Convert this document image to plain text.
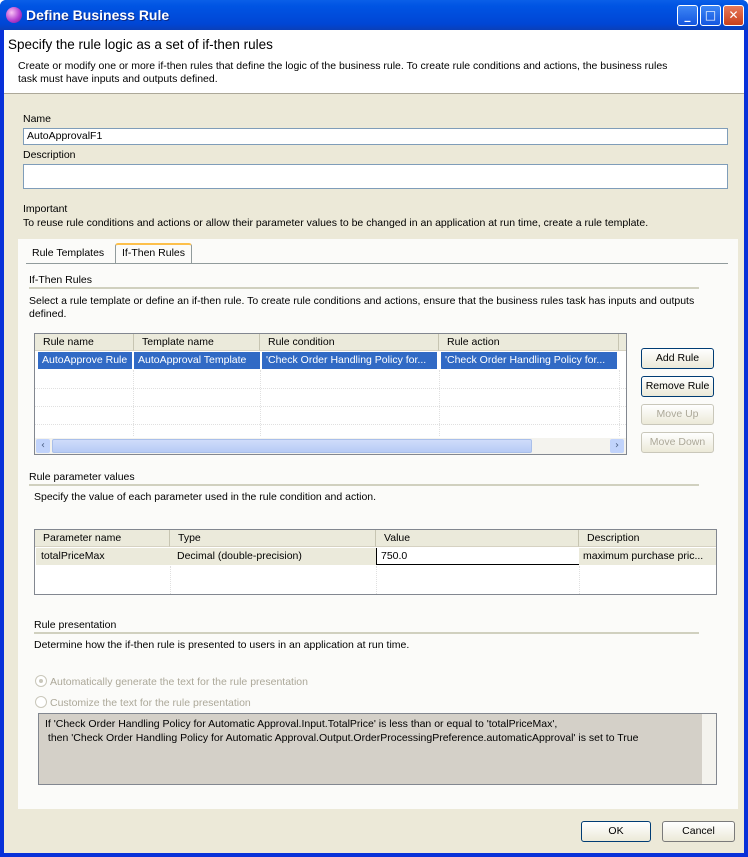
Define Business Rule	_	□	✕
Specify the rule logic as a set of if-then rules
Create or modify one or more if-then rules that define the logic of the business rule. To create rule conditions and actions, the business rules task must have inputs and outputs defined.
Name
AutoApprovalF1
Description
Important
To reuse rule conditions and actions or allow their parameter values to be changed in an application at run time, create a rule template.
Rule Templates	If-Then Rules
If-Then Rules
Select a rule template or define an if-then rule. To create rule conditions and actions, ensure that the business rules task has inputs and outputs defined.
Rule name	Template name	Rule condition	Rule action
AutoApprove Rule	AutoApproval Template	'Check Order Handling Policy for...	'Check Order Handling Policy for...
‹	›
Add Rule
Remove Rule
Move Up
Move Down
Rule parameter values
Specify the value of each parameter used in the rule condition and action.
Parameter name	Type	Value	Description
totalPriceMax	Decimal (double-precision)	750.0	maximum purchase pric...
Rule presentation
Determine how the if-then rule is presented to users in an application at run time.
Automatically generate the text for the rule presentation
Customize the text for the rule presentation
If 'Check Order Handling Policy for Automatic Approval.Input.TotalPrice' is less than or equal to 'totalPriceMax',
then 'Check Order Handling Policy for Automatic Approval.Output.OrderProcessingPreference.automaticApproval' is set to True
OK	Cancel
